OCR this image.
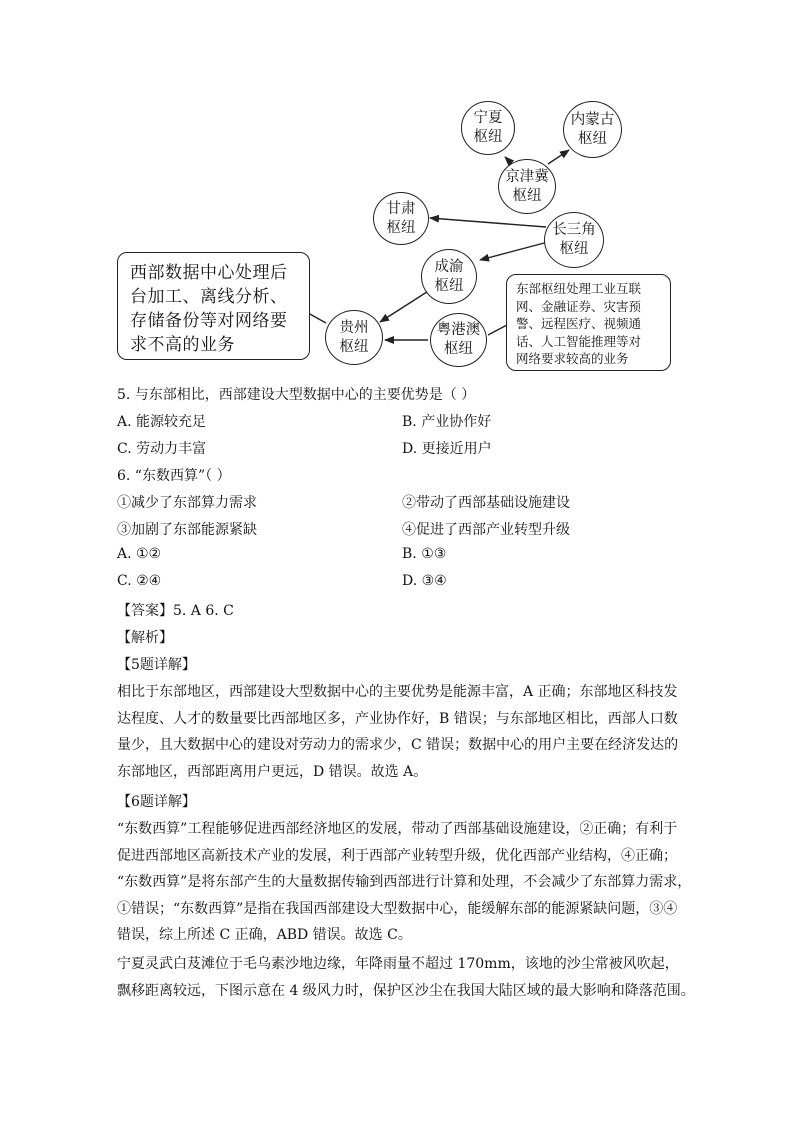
宁夏
枢纽
内蒙古
枢纽
京津冀
枢纽
甘肃
枢纽	长三角
枢纽
成渝
枢纽
贵州
枢纽
粤港澳
枢纽
西部数据中心处理后
台加工、离线分析、
存储备份等对网络要
求不高的业务
东部枢纽处理工业互联
网、金融证券、灾害预
警、远程医疗、视频通
话、人工智能推理等对
网络要求较高的业务
5. 与东部相比，西部建设大型数据中心的主要优势是（ ）
A. 能源较充足	B. 产业协作好
C. 劳动力丰富	D. 更接近用户
6. “东数西算”（ ）
①减少了东部算力需求	②带动了西部基础设施建设
③加剧了东部能源紧缺	④促进了西部产业转型升级
A. ①②	B. ①③
C. ②④	D. ③④
【答案】5. A 6. C
【解析】
【5题详解】
相比于东部地区，西部建设大型数据中心的主要优势是能源丰富，A 正确；东部地区科技发
达程度、人才的数量要比西部地区多，产业协作好，B 错误；与东部地区相比，西部人口数
量少，且大数据中心的建设对劳动力的需求少，C 错误；数据中心的用户主要在经济发达的
东部地区，西部距离用户更远，D 错误。故选 A。
【6题详解】
“东数西算”工程能够促进西部经济地区的发展，带动了西部基础设施建设，②正确；有利于
促进西部地区高新技术产业的发展，利于西部产业转型升级，优化西部产业结构，④正确；
“东数西算”是将东部产生的大量数据传输到西部进行计算和处理，不会减少了东部算力需求，
①错误；“东数西算”是指在我国西部建设大型数据中心，能缓解东部的能源紧缺问题，③④
错误，综上所述 C 正确，ABD 错误。故选 C。
宁夏灵武白芨滩位于毛乌素沙地边缘，年降雨量不超过 170mm，该地的沙尘常被风吹起，
飘移距离较远，下图示意在 4 级风力时，保护区沙尘在我国大陆区域的最大影响和降落范围。
